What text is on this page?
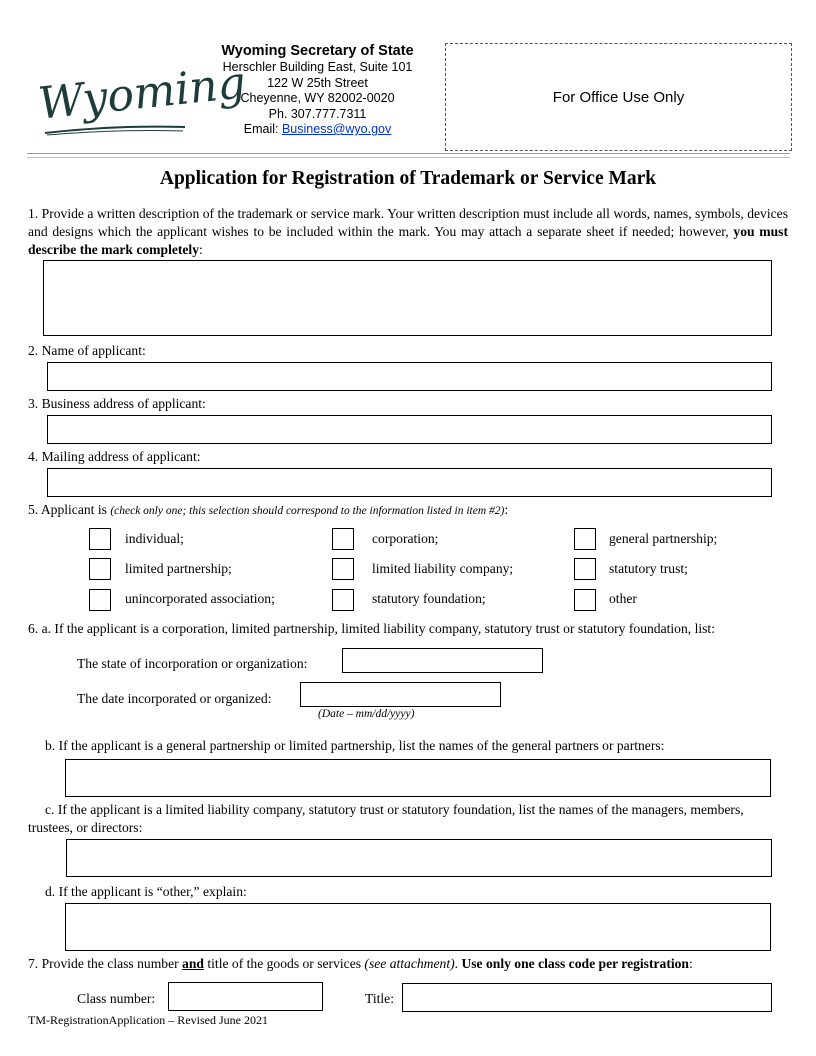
Wyoming
Wyoming Secretary of State
Herschler Building East, Suite 101
122 W 25th Street
Cheyenne, WY 82002-0020
Ph. 307.777.7311
Email: Business@wyo.gov
For Office Use Only
Application for Registration of Trademark or Service Mark
1. Provide a written description of the trademark or service mark. Your written description must include all words, names, symbols, devices and designs which the applicant wishes to be included within the mark. You may attach a separate sheet if needed; however, you must describe the mark completely:
2. Name of applicant:
3. Business address of applicant:
4. Mailing address of applicant:
5. Applicant is (check only one; this selection should correspond to the information listed in item #2):
individual;	corporation;	general partnership;
limited partnership;	limited liability company;	statutory trust;
unincorporated association;	statutory foundation;	other
6. a. If the applicant is a corporation, limited partnership, limited liability company, statutory trust or statutory foundation, list:
The state of incorporation or organization:
The date incorporated or organized:
(Date – mm/dd/yyyy)
b. If the applicant is a general partnership or limited partnership, list the names of the general partners or partners:
c. If the applicant is a limited liability company, statutory trust or statutory foundation, list the names of the managers, members, trustees, or directors:
d. If the applicant is “other,” explain:
7. Provide the class number and title of the goods or services (see attachment). Use only one class code per registration:
Class number:	Title:
TM-RegistrationApplication – Revised June 2021
